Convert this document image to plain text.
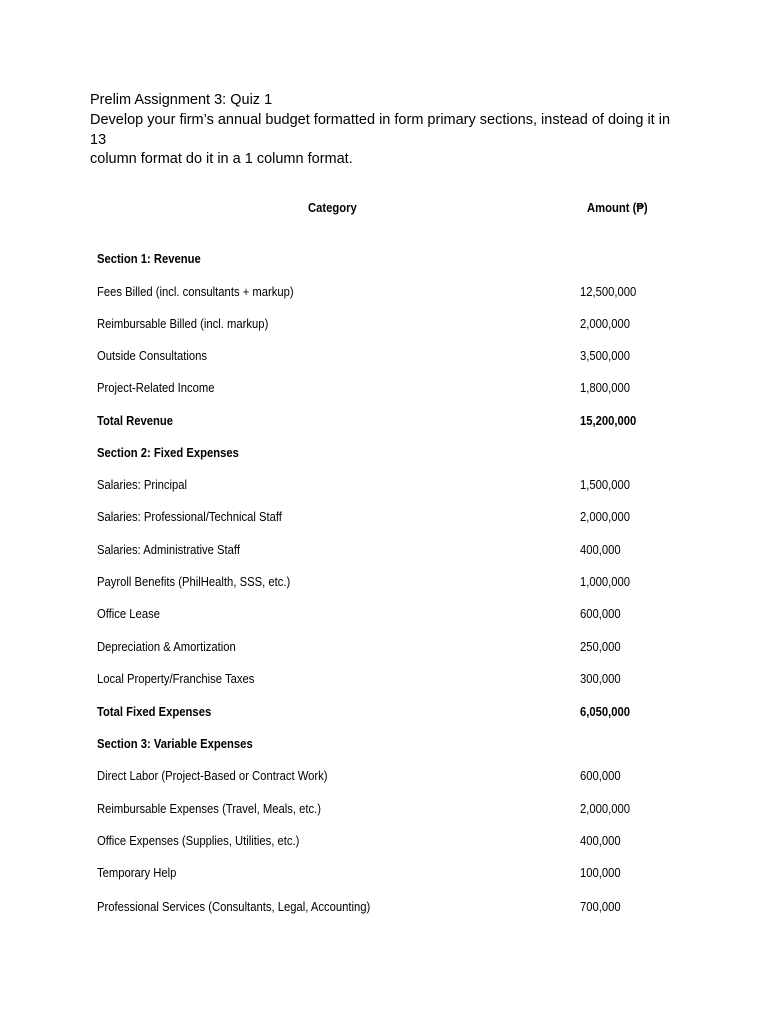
Prelim Assignment 3: Quiz 1
Develop your firm’s annual budget formatted in form primary sections, instead of doing it in 13
column format do it in a 1 column format.
Category	Amount (₱)
Section 1: Revenue
Fees Billed (incl. consultants + markup)	12,500,000
Reimbursable Billed (incl. markup)	2,000,000
Outside Consultations	3,500,000
Project-Related Income	1,800,000
Total Revenue	15,200,000
Section 2: Fixed Expenses
Salaries: Principal	1,500,000
Salaries: Professional/Technical Staff	2,000,000
Salaries: Administrative Staff	400,000
Payroll Benefits (PhilHealth, SSS, etc.)	1,000,000
Office Lease	600,000
Depreciation & Amortization	250,000
Local Property/Franchise Taxes	300,000
Total Fixed Expenses	6,050,000
Section 3: Variable Expenses
Direct Labor (Project-Based or Contract Work)	600,000
Reimbursable Expenses (Travel, Meals, etc.)	2,000,000
Office Expenses (Supplies, Utilities, etc.)	400,000
Temporary Help	100,000
Professional Services (Consultants, Legal, Accounting)	700,000
